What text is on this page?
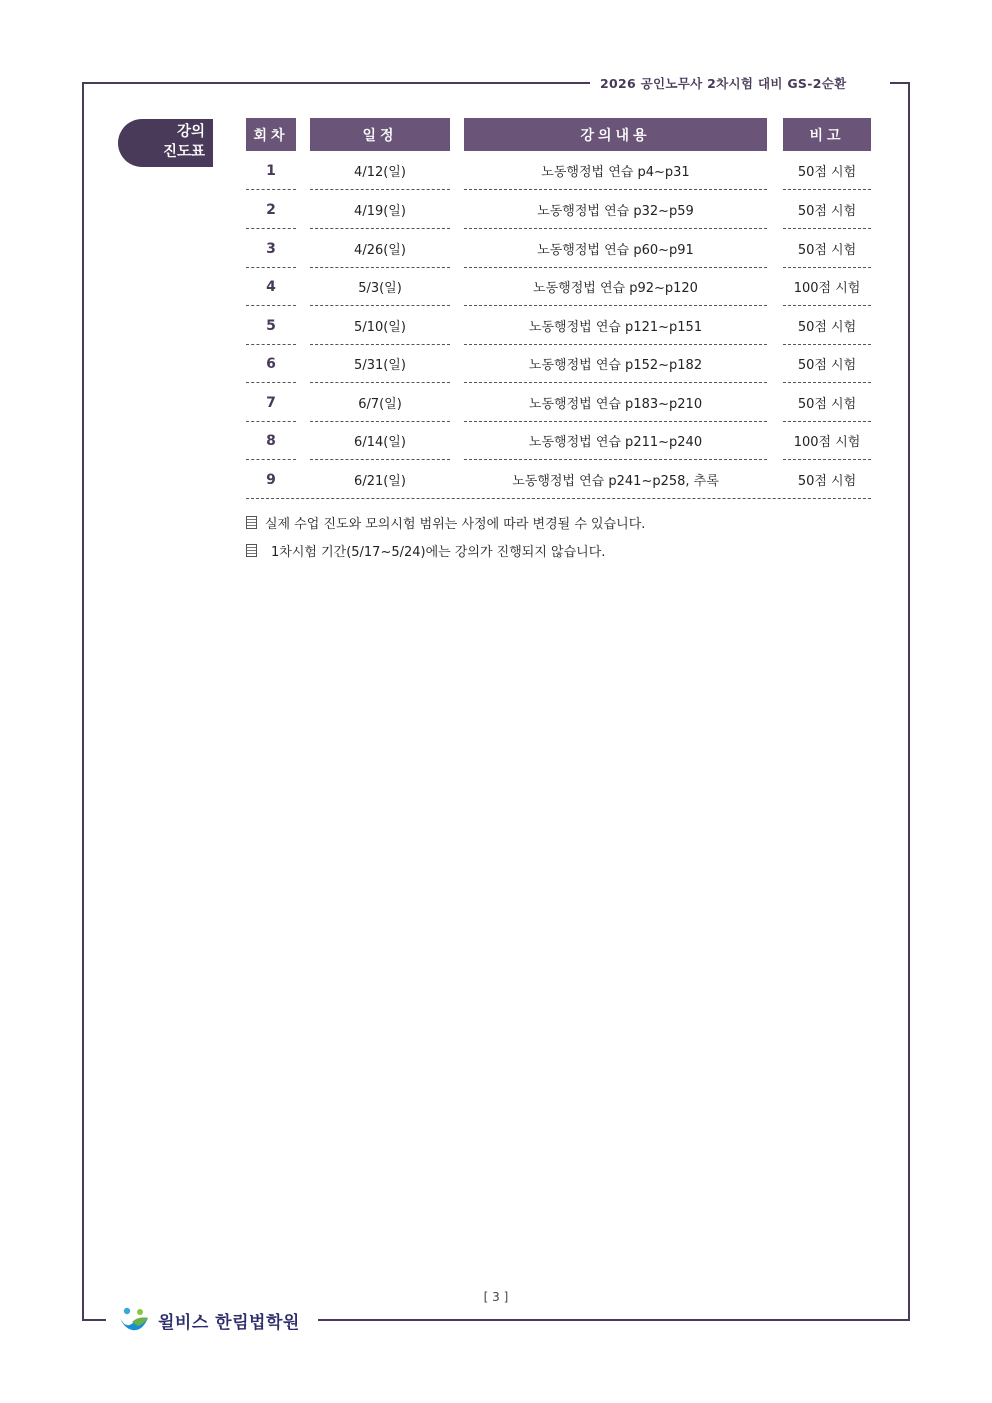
2026 공인노무사 2차시험 대비 GS-2순환
강의
진도표
회차	일정	강의내용	비고
1	4/12(일)	노동행정법 연습 p4~p31	50점 시험
2	4/19(일)	노동행정법 연습 p32~p59	50점 시험
3	4/26(일)	노동행정법 연습 p60~p91	50점 시험
4	5/3(일)	노동행정법 연습 p92~p120	100점 시험
5	5/10(일)	노동행정법 연습 p121~p151	50점 시험
6	5/31(일)	노동행정법 연습 p152~p182	50점 시험
7	6/7(일)	노동행정법 연습 p183~p210	50점 시험
8	6/14(일)	노동행정법 연습 p211~p240	100점 시험
9	6/21(일)	노동행정법 연습 p241~p258, 추록	50점 시험
실제 수업 진도와 모의시험 범위는 사정에 따라 변경될 수 있습니다.
1차시험 기간(5/17~5/24)에는 강의가 진행되지 않습니다.
[ 3 ]
윌비스 한림법학원
